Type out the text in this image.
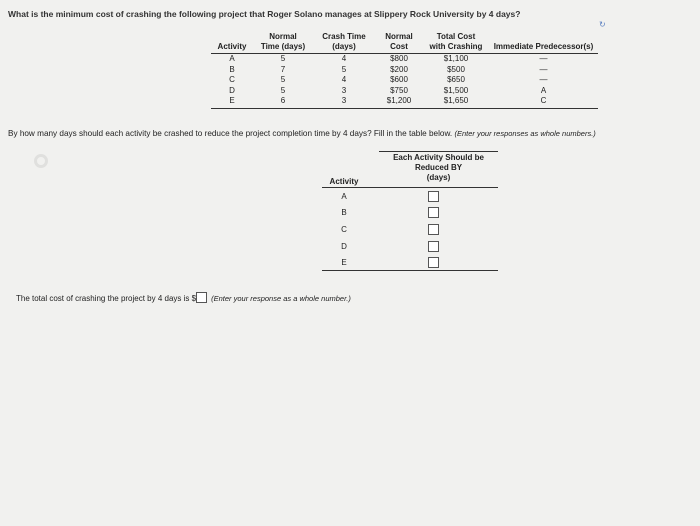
What is the minimum cost of crashing the following project that Roger Solano manages at Slippery Rock University by 4 days?
↻
	Normal	Crash Time	Normal	Total Cost	
Activity	Time (days)	(days)	Cost	with Crashing	Immediate Predecessor(s)
A	5	4	$800	$1,100	—
B	7	5	$200	$500	—
C	5	4	$600	$650	—
D	5	3	$750	$1,500	A
E	6	3	$1,200	$1,650	C
By how many days should each activity be crashed to reduce the project completion time by 4 days? Fill in the table below. (Enter your responses as whole numbers.)
Each Activity Should be
Reduced BY
(days)
Activity
A
B
C
D
E
The total cost of crashing the project by 4 days is $ (Enter your response as a whole number.)
